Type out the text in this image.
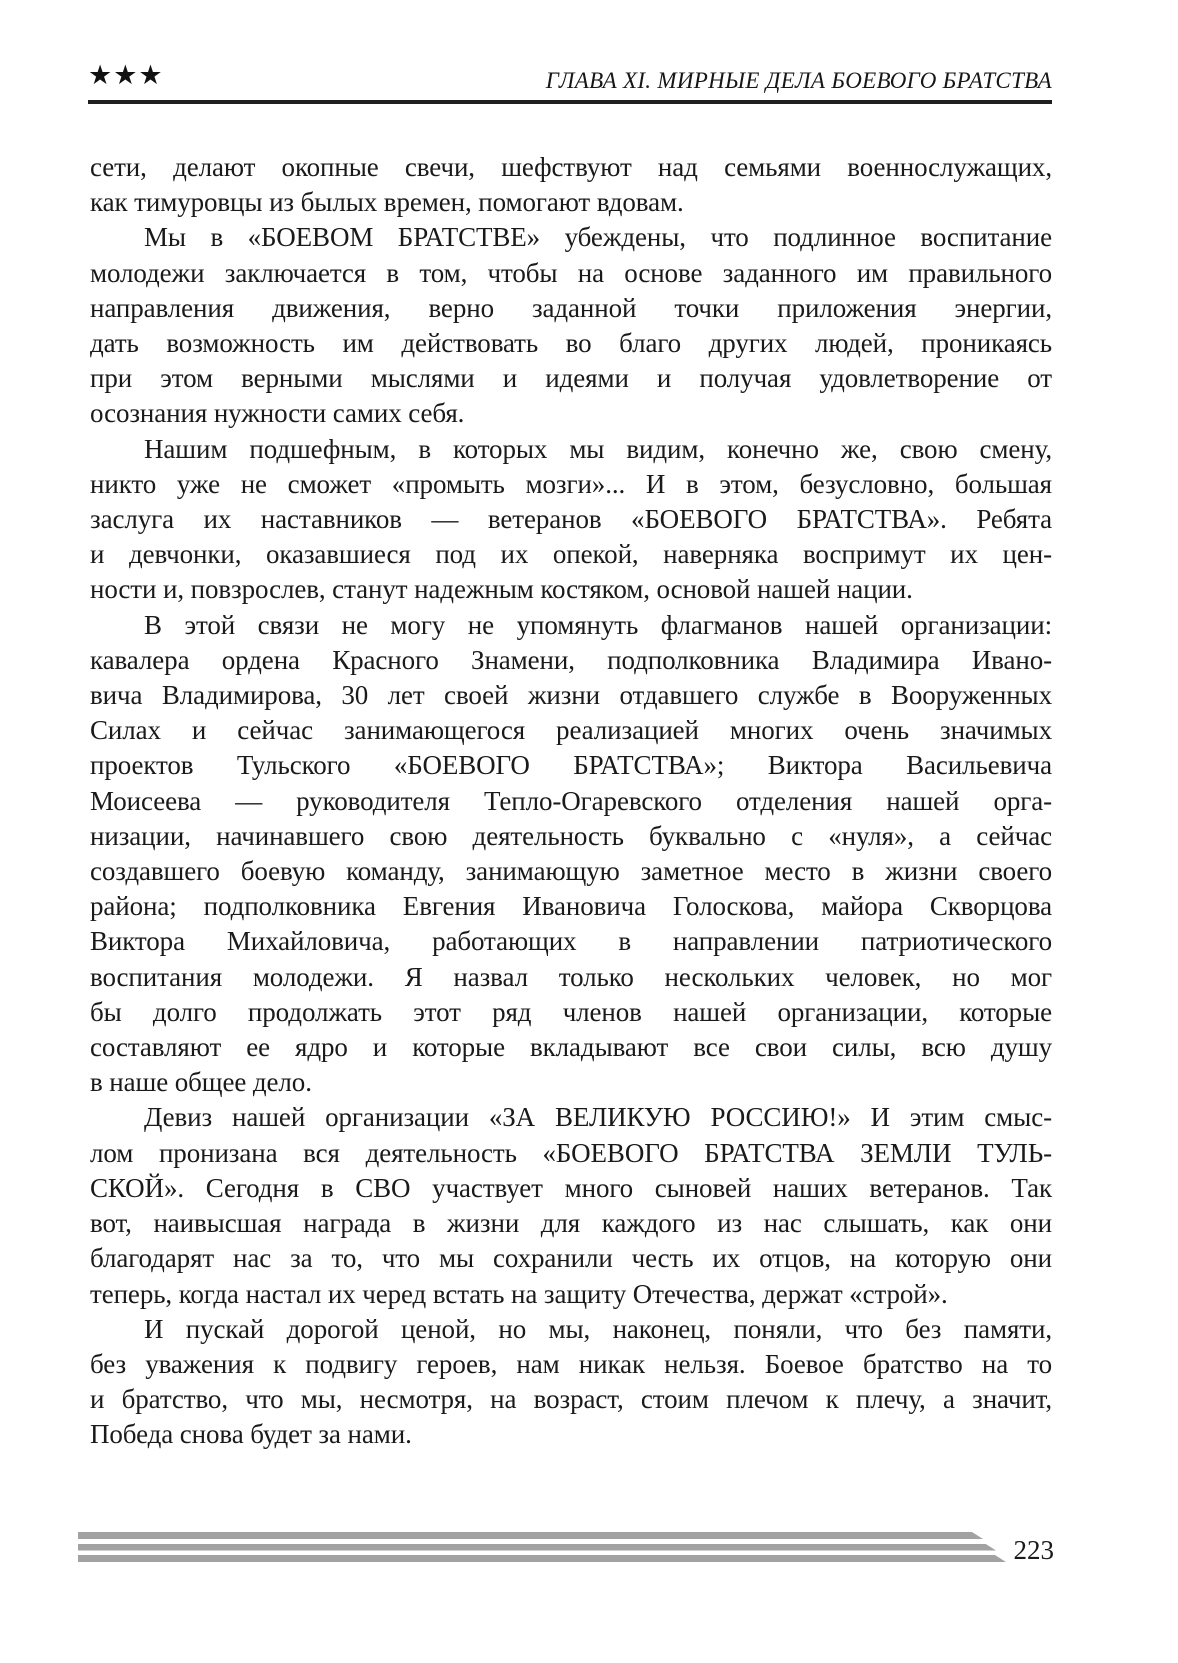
★★★	ГЛАВА XI. МИРНЫЕ ДЕЛА БОЕВОГО БРАТСТВА

сети, делают окопные свечи, шефствуют над семьями военнослужащих,
как тимуровцы из былых времен, помогают вдовам.

Мы в «БОЕВОМ БРАТСТВЕ» убеждены, что подлинное воспитание
молодежи заключается в том, чтобы на основе заданного им правильного
направления движения, верно заданной точки приложения энергии,
дать возможность им действовать во благо других людей, проникаясь
при этом верными мыслями и идеями и получая удовлетворение от
осознания нужности самих себя.

Нашим подшефным, в которых мы видим, конечно же, свою смену,
никто уже не сможет «промыть мозги»... И в этом, безусловно, большая
заслуга их наставников — ветеранов «БОЕВОГО БРАТСТВА». Ребята
и девчонки, оказавшиеся под их опекой, наверняка воспримут их цен-
ности и, повзрослев, станут надежным костяком, основой нашей нации.

В этой связи не могу не упомянуть флагманов нашей организации:
кавалера ордена Красного Знамени, подполковника Владимира Ивано-
вича Владимирова, 30 лет своей жизни отдавшего службе в Вооруженных
Силах и сейчас занимающегося реализацией многих очень значимых
проектов Тульского «БОЕВОГО БРАТСТВА»; Виктора Васильевича
Моисеева — руководителя Тепло-Огаревского отделения нашей орга-
низации, начинавшего свою деятельность буквально с «нуля», а сейчас
создавшего боевую команду, занимающую заметное место в жизни своего
района; подполковника Евгения Ивановича Голоскова, майора Скворцова
Виктора Михайловича, работающих в направлении патриотического
воспитания молодежи. Я назвал только нескольких человек, но мог
бы долго продолжать этот ряд членов нашей организации, которые
составляют ее ядро и которые вкладывают все свои силы, всю душу
в наше общее дело.

Девиз нашей организации «ЗА ВЕЛИКУЮ РОССИЮ!» И этим смыс-
лом пронизана вся деятельность «БОЕВОГО БРАТСТВА ЗЕМЛИ ТУЛЬ-
СКОЙ». Сегодня в СВО участвует много сыновей наших ветеранов. Так
вот, наивысшая награда в жизни для каждого из нас слышать, как они
благодарят нас за то, что мы сохранили честь их отцов, на которую они
теперь, когда настал их черед встать на защиту Отечества, держат «строй».

И пускай дорогой ценой, но мы, наконец, поняли, что без памяти,
без уважения к подвигу героев, нам никак нельзя. Боевое братство на то
и братство, что мы, несмотря, на возраст, стоим плечом к плечу, а значит,
Победа снова будет за нами.

223
